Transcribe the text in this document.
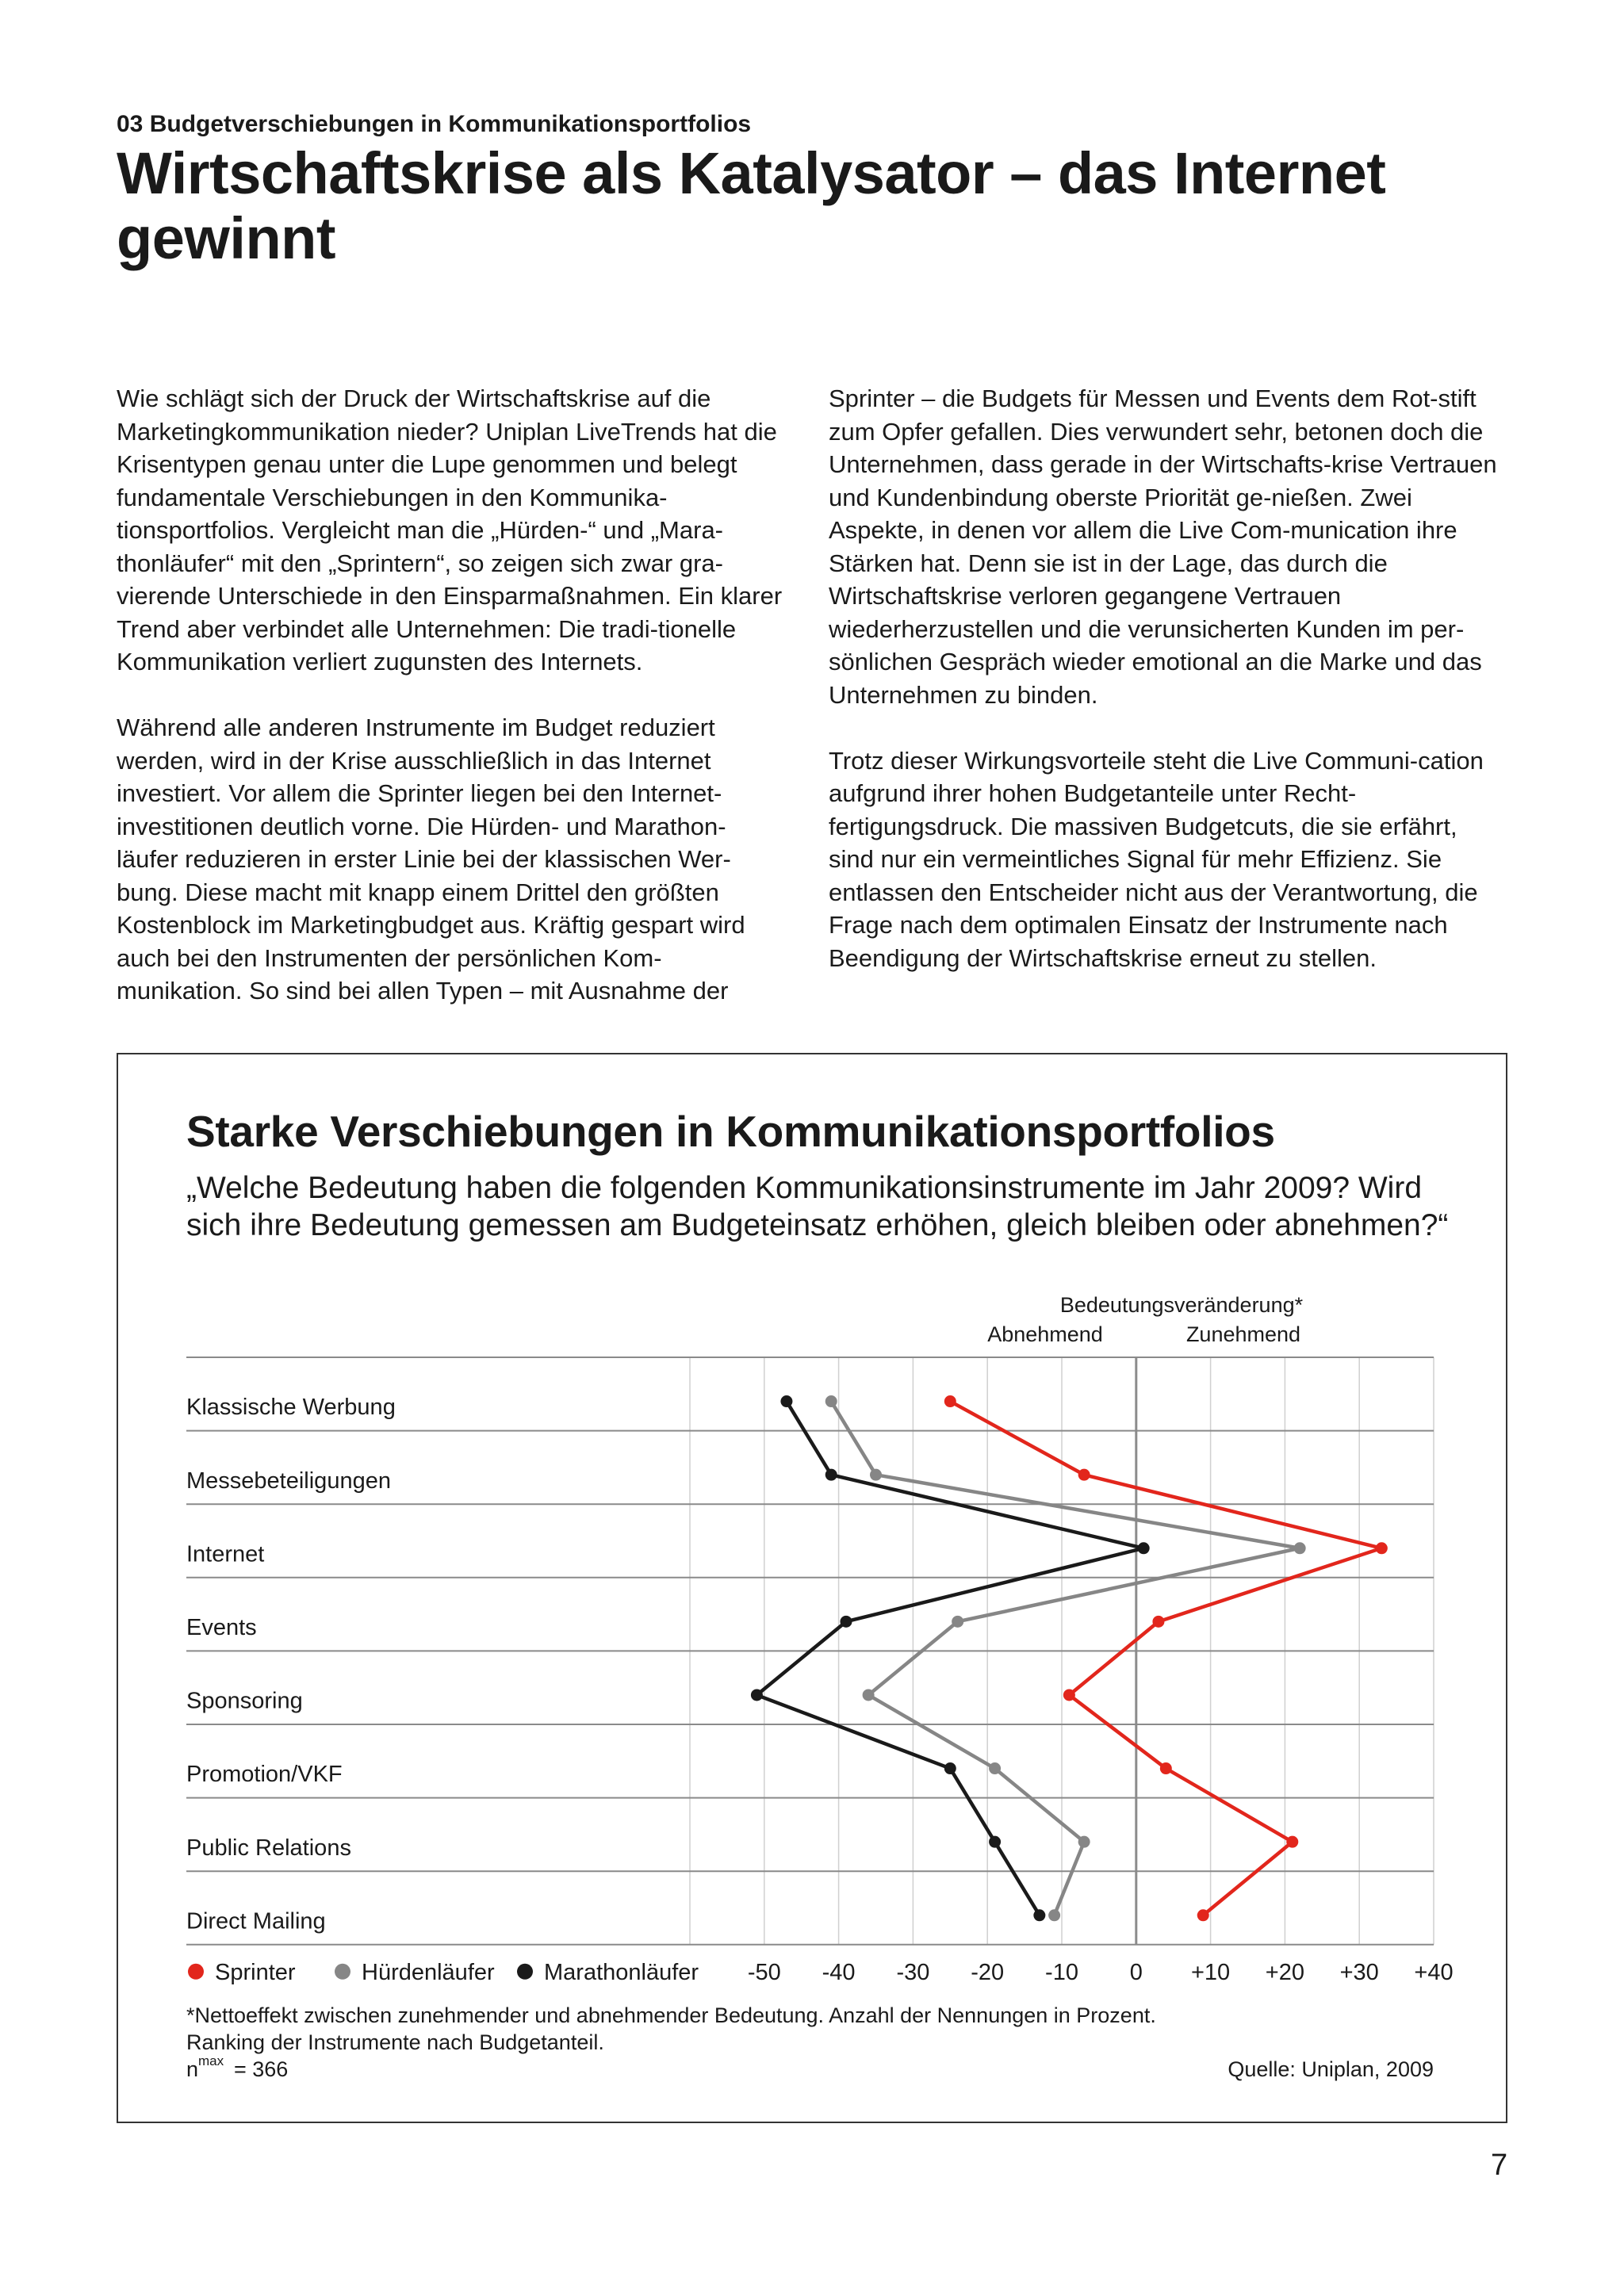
03 Budgetverschiebungen in Kommunikationsportfolios
Wirtschaftskrise als Katalysator – das Internet gewinnt

Wie schlägt sich der Druck der Wirtschaftskrise auf die Marketingkommunikation nieder? Uniplan LiveTrends hat die Krisentypen genau unter die Lupe genommen und belegt fundamentale Verschiebungen in den Kommunika-tionsportfolios. Vergleicht man die „Hürden-“ und „Mara-thonläufer“ mit den „Sprintern“, so zeigen sich zwar gra-vierende Unterschiede in den Einsparmaßnahmen. Ein klarer Trend aber verbindet alle Unternehmen: Die tradi-tionelle Kommunikation verliert zugunsten des Internets.

Während alle anderen Instrumente im Budget reduziert werden, wird in der Krise ausschließlich in das Internet investiert. Vor allem die Sprinter liegen bei den Internet-investitionen deutlich vorne. Die Hürden- und Marathon-läufer reduzieren in erster Linie bei der klassischen Wer-bung. Diese macht mit knapp einem Drittel den größten Kostenblock im Marketingbudget aus. Kräftig gespart wird auch bei den Instrumenten der persönlichen Kom-munikation. So sind bei allen Typen – mit Ausnahme der

Sprinter – die Budgets für Messen und Events dem Rot-stift zum Opfer gefallen. Dies verwundert sehr, betonen doch die Unternehmen, dass gerade in der Wirtschafts-krise Vertrauen und Kundenbindung oberste Priorität ge-nießen. Zwei Aspekte, in denen vor allem die Live Com-munication ihre Stärken hat. Denn sie ist in der Lage, das durch die Wirtschaftskrise verloren gegangene Vertrauen wiederherzustellen und die verunsicherten Kunden im per-sönlichen Gespräch wieder emotional an die Marke und das Unternehmen zu binden.

Trotz dieser Wirkungsvorteile steht die Live Communi-cation aufgrund ihrer hohen Budgetanteile unter Recht-fertigungsdruck. Die massiven Budgetcuts, die sie erfährt, sind nur ein vermeintliches Signal für mehr Effizienz. Sie entlassen den Entscheider nicht aus der Verantwortung, die Frage nach dem optimalen Einsatz der Instrumente nach Beendigung der Wirtschaftskrise erneut zu stellen.

Starke Verschiebungen in Kommunikationsportfolios
„Welche Bedeutung haben die folgenden Kommunikationsinstrumente im Jahr 2009? Wird sich ihre Bedeutung gemessen am Budgeteinsatz erhöhen, gleich bleiben oder abnehmen?“
Klassische Werbung
Messebeteiligungen
Internet
Events
Sponsoring
Promotion/VKF
Public Relations
Direct Mailing
Bedeutungsveränderung*
Abnehmend	Zunehmend
-50 -40 -30 -20 -10 0 +10 +20 +30 +40
Sprinter	Hürdenläufer Marathonläufer
*Nettoeffekt zwischen zunehmender und abnehmender Bedeutung. Anzahl der Nennungen in Prozent.
Ranking der Instrumente nach Budgetanteil.
n max = 366	Quelle: Uniplan, 2009
7
